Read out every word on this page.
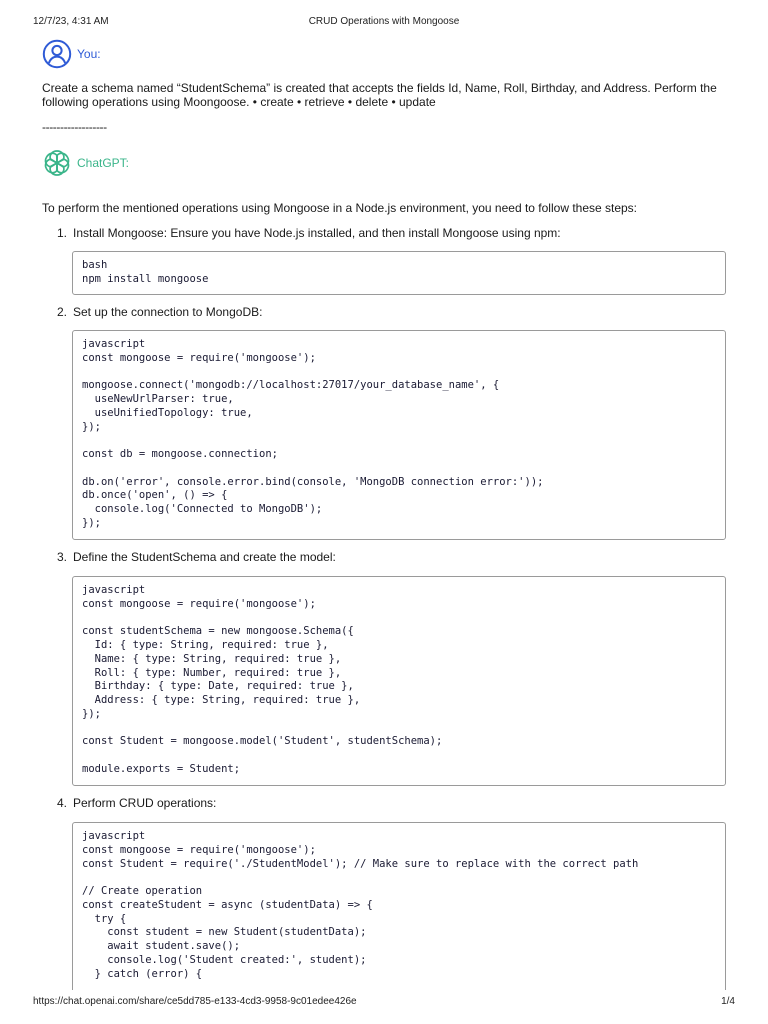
12/7/23, 4:31 AM	CRUD Operations with Mongoose
You:
Create a schema named “StudentSchema” is created that accepts the fields Id, Name, Roll, Birthday, and Address. Perform the following operations using Moongoose. • create • retrieve • delete • update
------------------
ChatGPT:
To perform the mentioned operations using Mongoose in a Node.js environment, you need to follow these steps:
1. Install Mongoose: Ensure you have Node.js installed, and then install Mongoose using npm:
bash
npm install mongoose
2. Set up the connection to MongoDB:
javascript
const mongoose = require('mongoose');

mongoose.connect('mongodb://localhost:27017/your_database_name', {
useNewUrlParser: true,
useUnifiedTopology: true,
});

const db = mongoose.connection;

db.on('error', console.error.bind(console, 'MongoDB connection error:'));
db.once('open', () => {
console.log('Connected to MongoDB');
});
3. Define the StudentSchema and create the model:
javascript
const mongoose = require('mongoose');

const studentSchema = new mongoose.Schema({
Id: { type: String, required: true },
Name: { type: String, required: true },
Roll: { type: Number, required: true },
Birthday: { type: Date, required: true },
Address: { type: String, required: true },
});

const Student = mongoose.model('Student', studentSchema);

module.exports = Student;
4. Perform CRUD operations:
javascript
const mongoose = require('mongoose');
const Student = require('./StudentModel'); // Make sure to replace with the correct path

// Create operation
const createStudent = async (studentData) => {
try {
const student = new Student(studentData);
await student.save();
console.log('Student created:', student);
} catch (error) {
https://chat.openai.com/share/ce5dd785-e133-4cd3-9958-9c01edee426e	1/4
